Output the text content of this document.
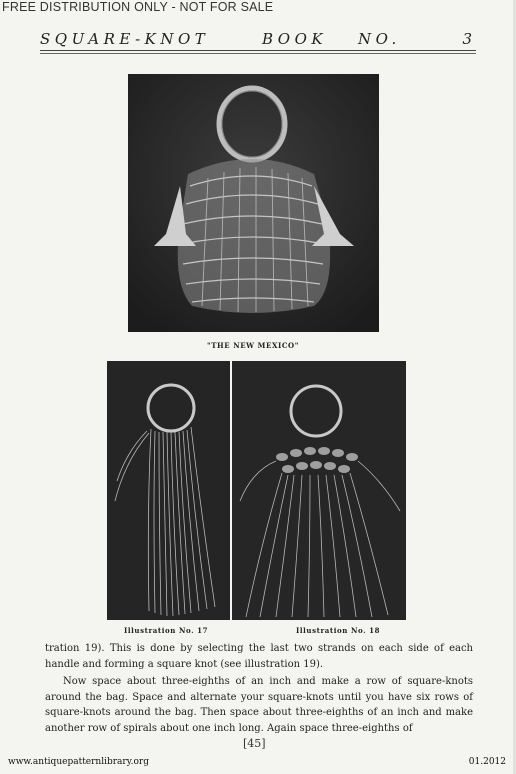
FREE DISTRIBUTION ONLY - NOT FOR SALE
SQUARE-KNOT	BOOK NO.	3
"THE NEW MEXICO"
Illustration No. 17	Illustration No. 18

tration 19). This is done by selecting the last two strands on each side of each handle and forming a square knot (see illustration 19).

Now space about three-eighths of an inch and make a row of square-knots around the bag. Space and alternate your square-knots until you have six rows of square-knots around the bag. Then space about three-eighths of an inch and make another row of spirals about one inch long. Again space three-eighths of

[45]
www.antiquepatternlibrary.org	01.2012
